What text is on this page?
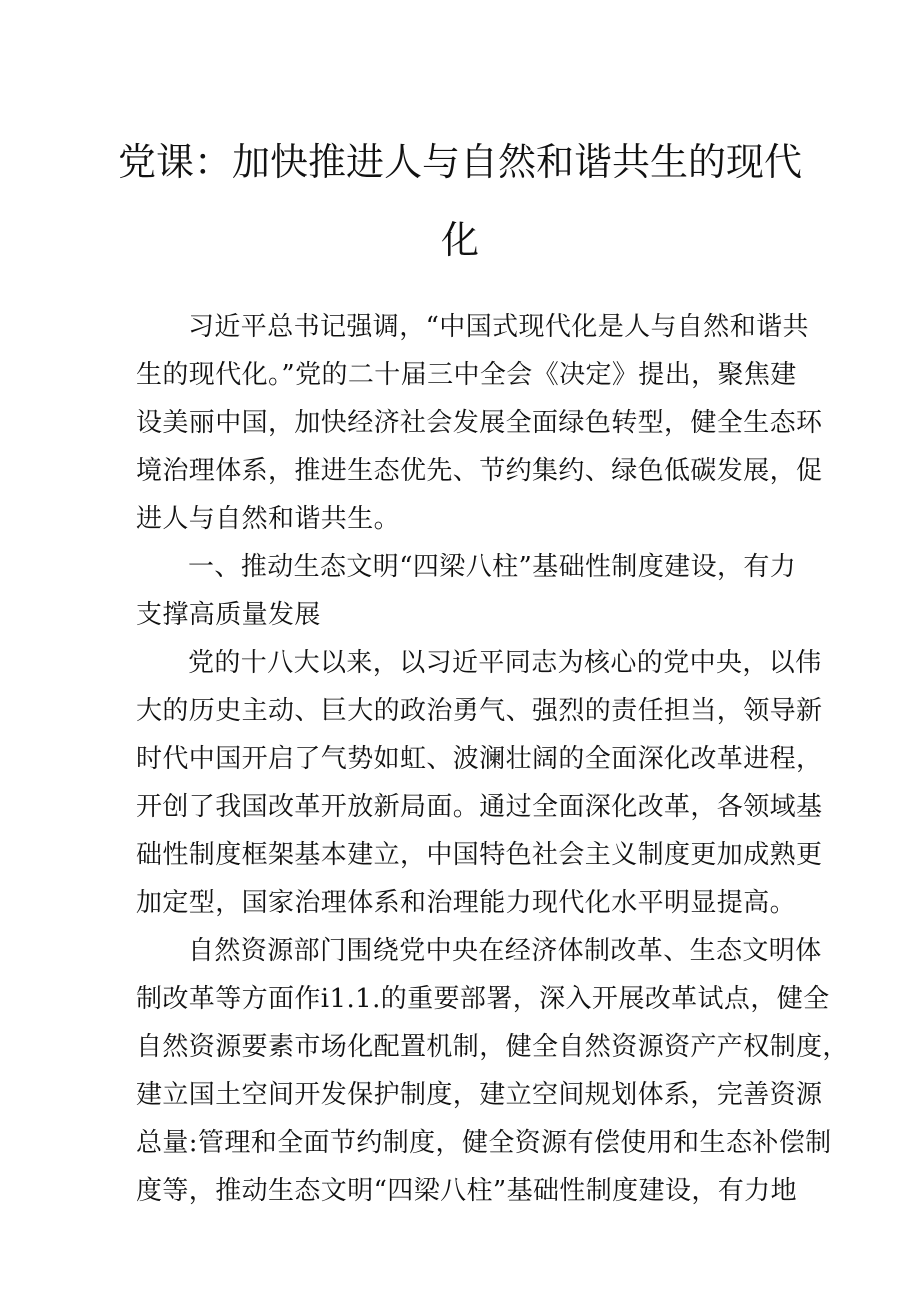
党课：加快推进人与自然和谐共生的现代
化
习近平总书记强调，“中国式现代化是人与自然和谐共
生的现代化。”党的二十届三中全会《决定》提出，聚焦建
设美丽中国，加快经济社会发展全面绿色转型，健全生态环
境治理体系，推进生态优先、节约集约、绿色低碳发展，促
进人与自然和谐共生。
一、推动生态文明“四梁八柱”基础性制度建设，有力
支撑高质量发展
党的十八大以来，以习近平同志为核心的党中央，以伟
大的历史主动、巨大的政治勇气、强烈的责任担当，领导新
时代中国开启了气势如虹、波澜壮阔的全面深化改革进程，
开创了我国改革开放新局面。通过全面深化改革，各领域基
础性制度框架基本建立，中国特色社会主义制度更加成熟更
加定型，国家治理体系和治理能力现代化水平明显提高。
自然资源部门围绕党中央在经济体制改革、生态文明体
制改革等方面作i1.1.的重要部署，深入开展改革试点，健全
自然资源要素市场化配置机制，健全自然资源资产产权制度，
建立国土空间开发保护制度，建立空间规划体系，完善资源
总量:管理和全面节约制度，健全资源有偿使用和生态补偿制
度等，推动生态文明“四梁八柱”基础性制度建设，有力地
